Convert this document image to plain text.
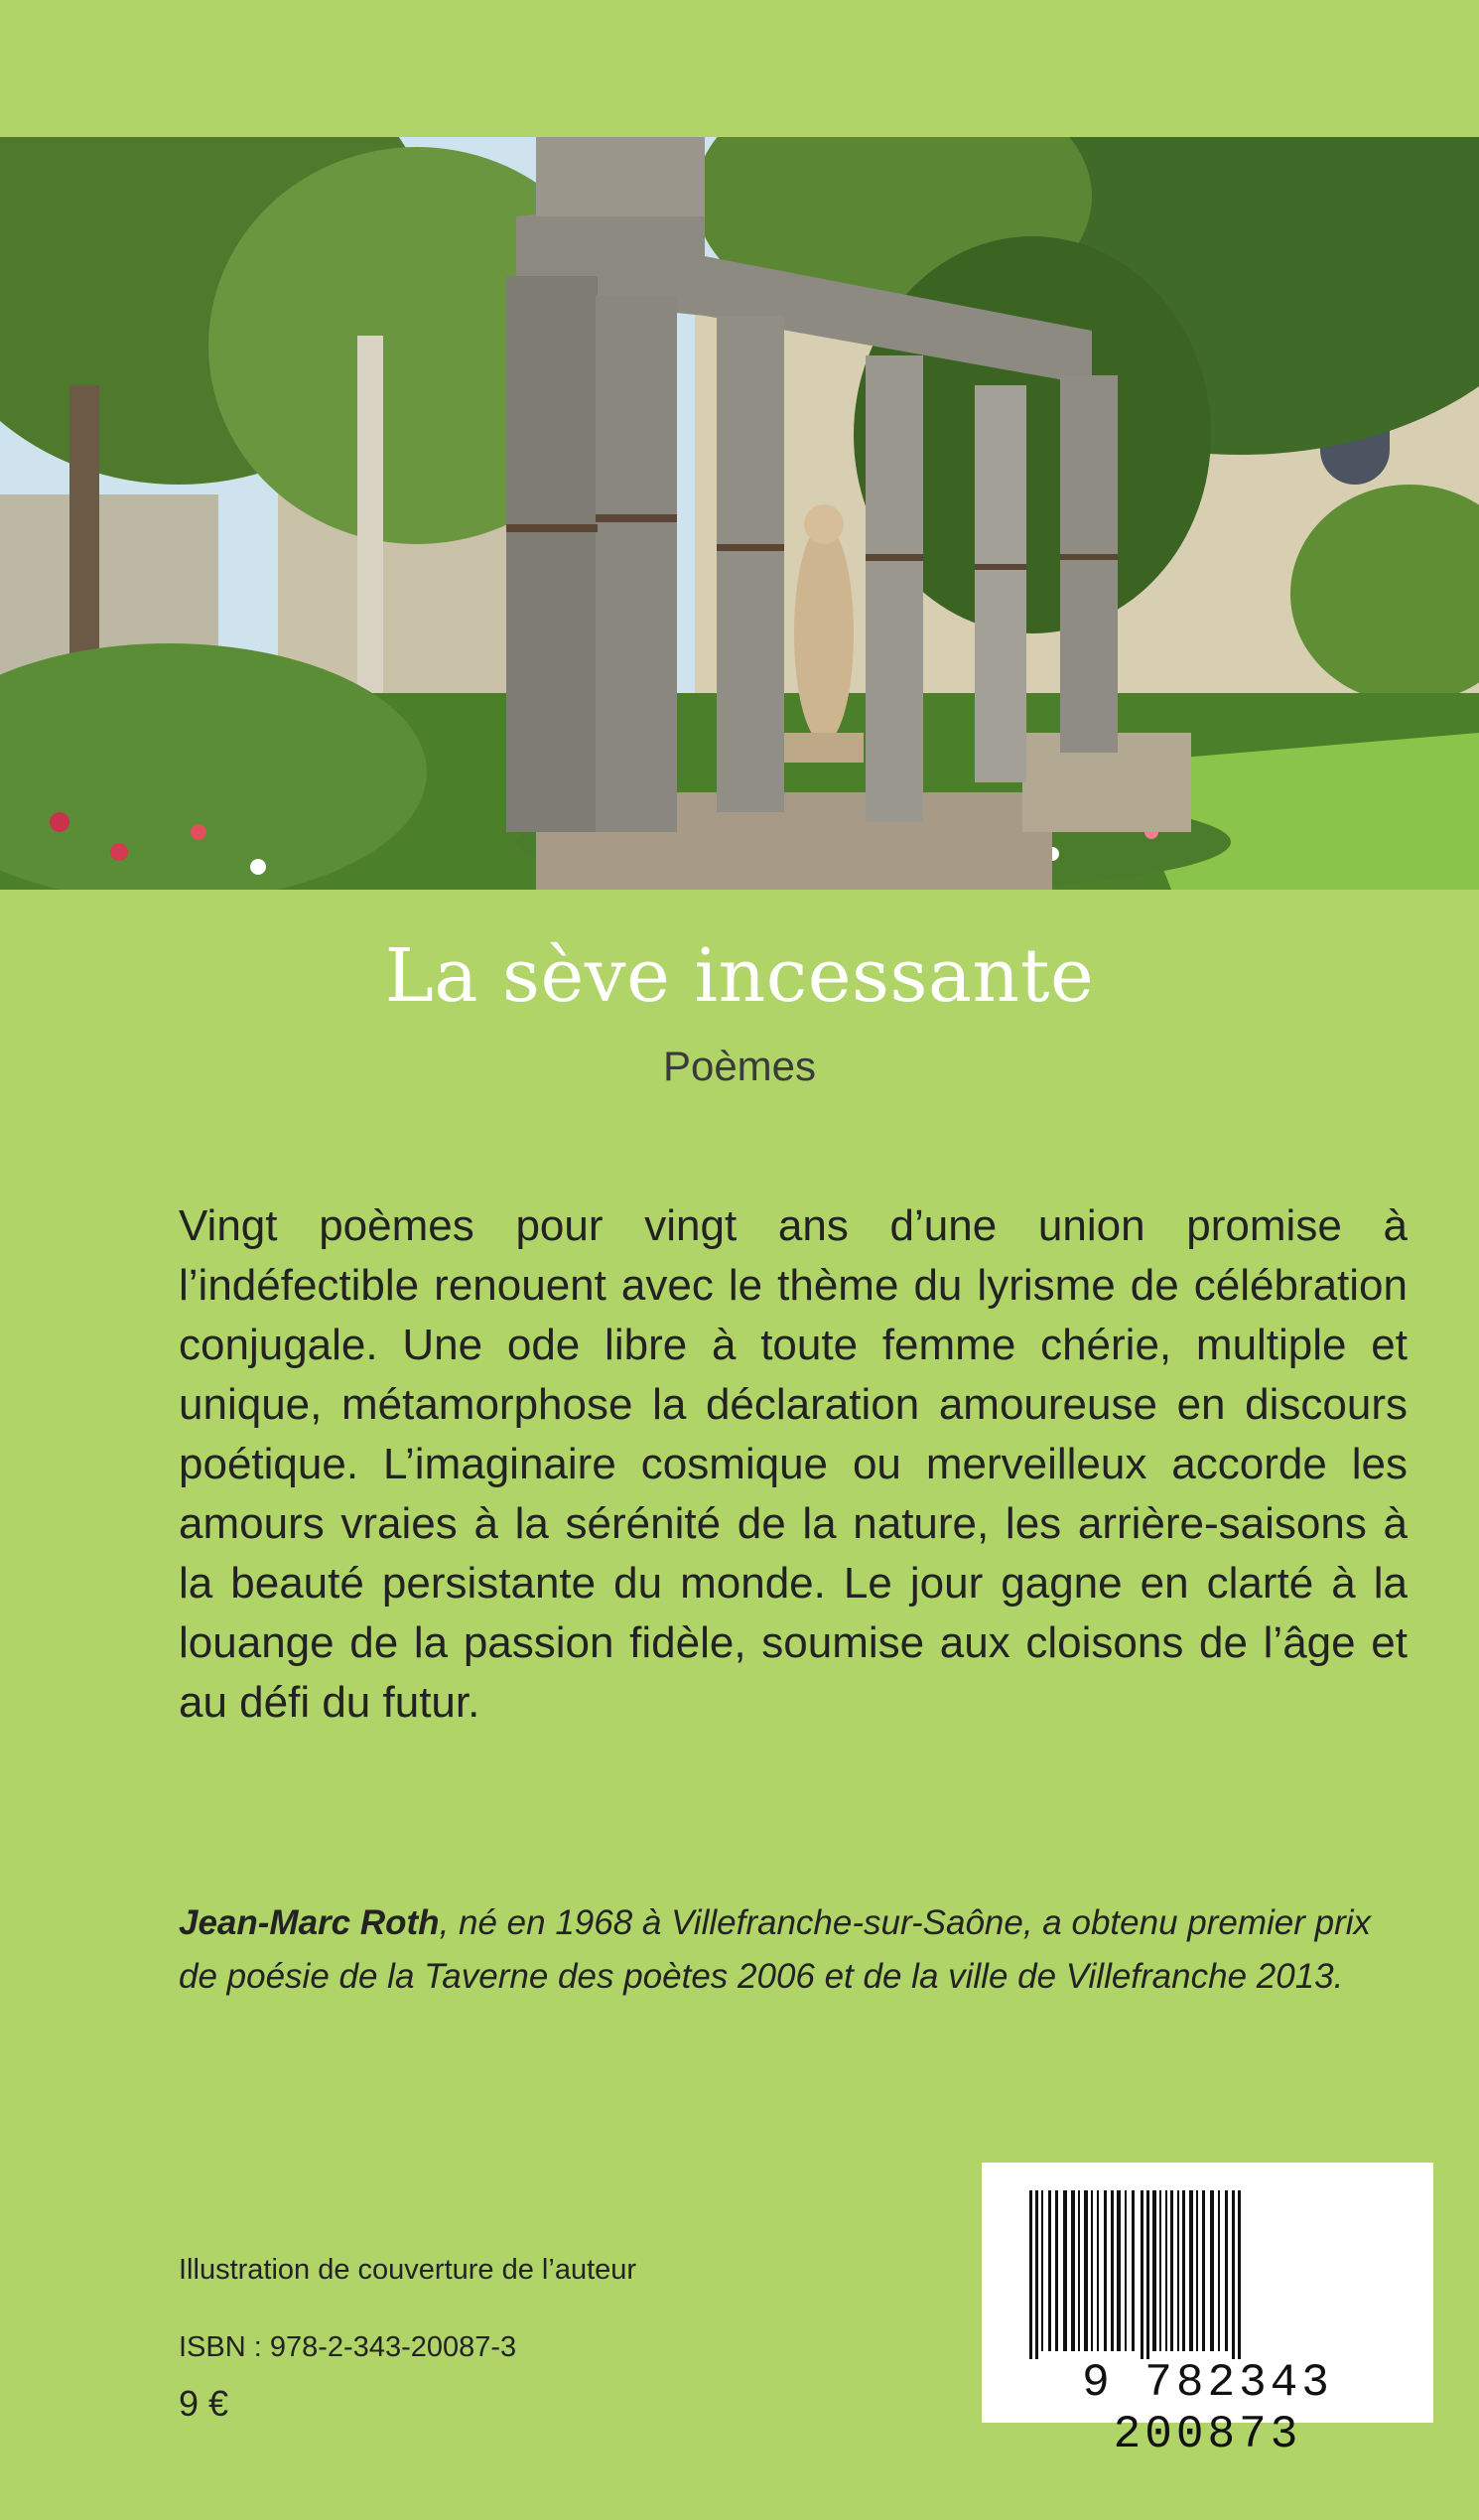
La sève incessante
Poèmes
Vingt poèmes pour vingt ans d’une union promise à l’indéfectible renouent avec le thème du lyrisme de célébration conjugale. Une ode libre à toute femme chérie, multiple et unique, métamorphose la déclaration amoureuse en discours poétique. L’imaginaire cosmique ou merveilleux accorde les amours vraies à la sérénité de la nature, les arrière-saisons à la beauté persistante du monde. Le jour gagne en clarté à la louange de la passion fidèle, soumise aux cloisons de l’âge et au défi du futur.
Jean-Marc Roth, né en 1968 à Villefranche-sur-Saône, a obtenu premier prix de poésie de la Taverne des poètes 2006 et de la ville de Villefranche 2013.
Illustration de couverture de l’auteur
ISBN : 978-2-343-20087-3
9 €	9 782343 200873
